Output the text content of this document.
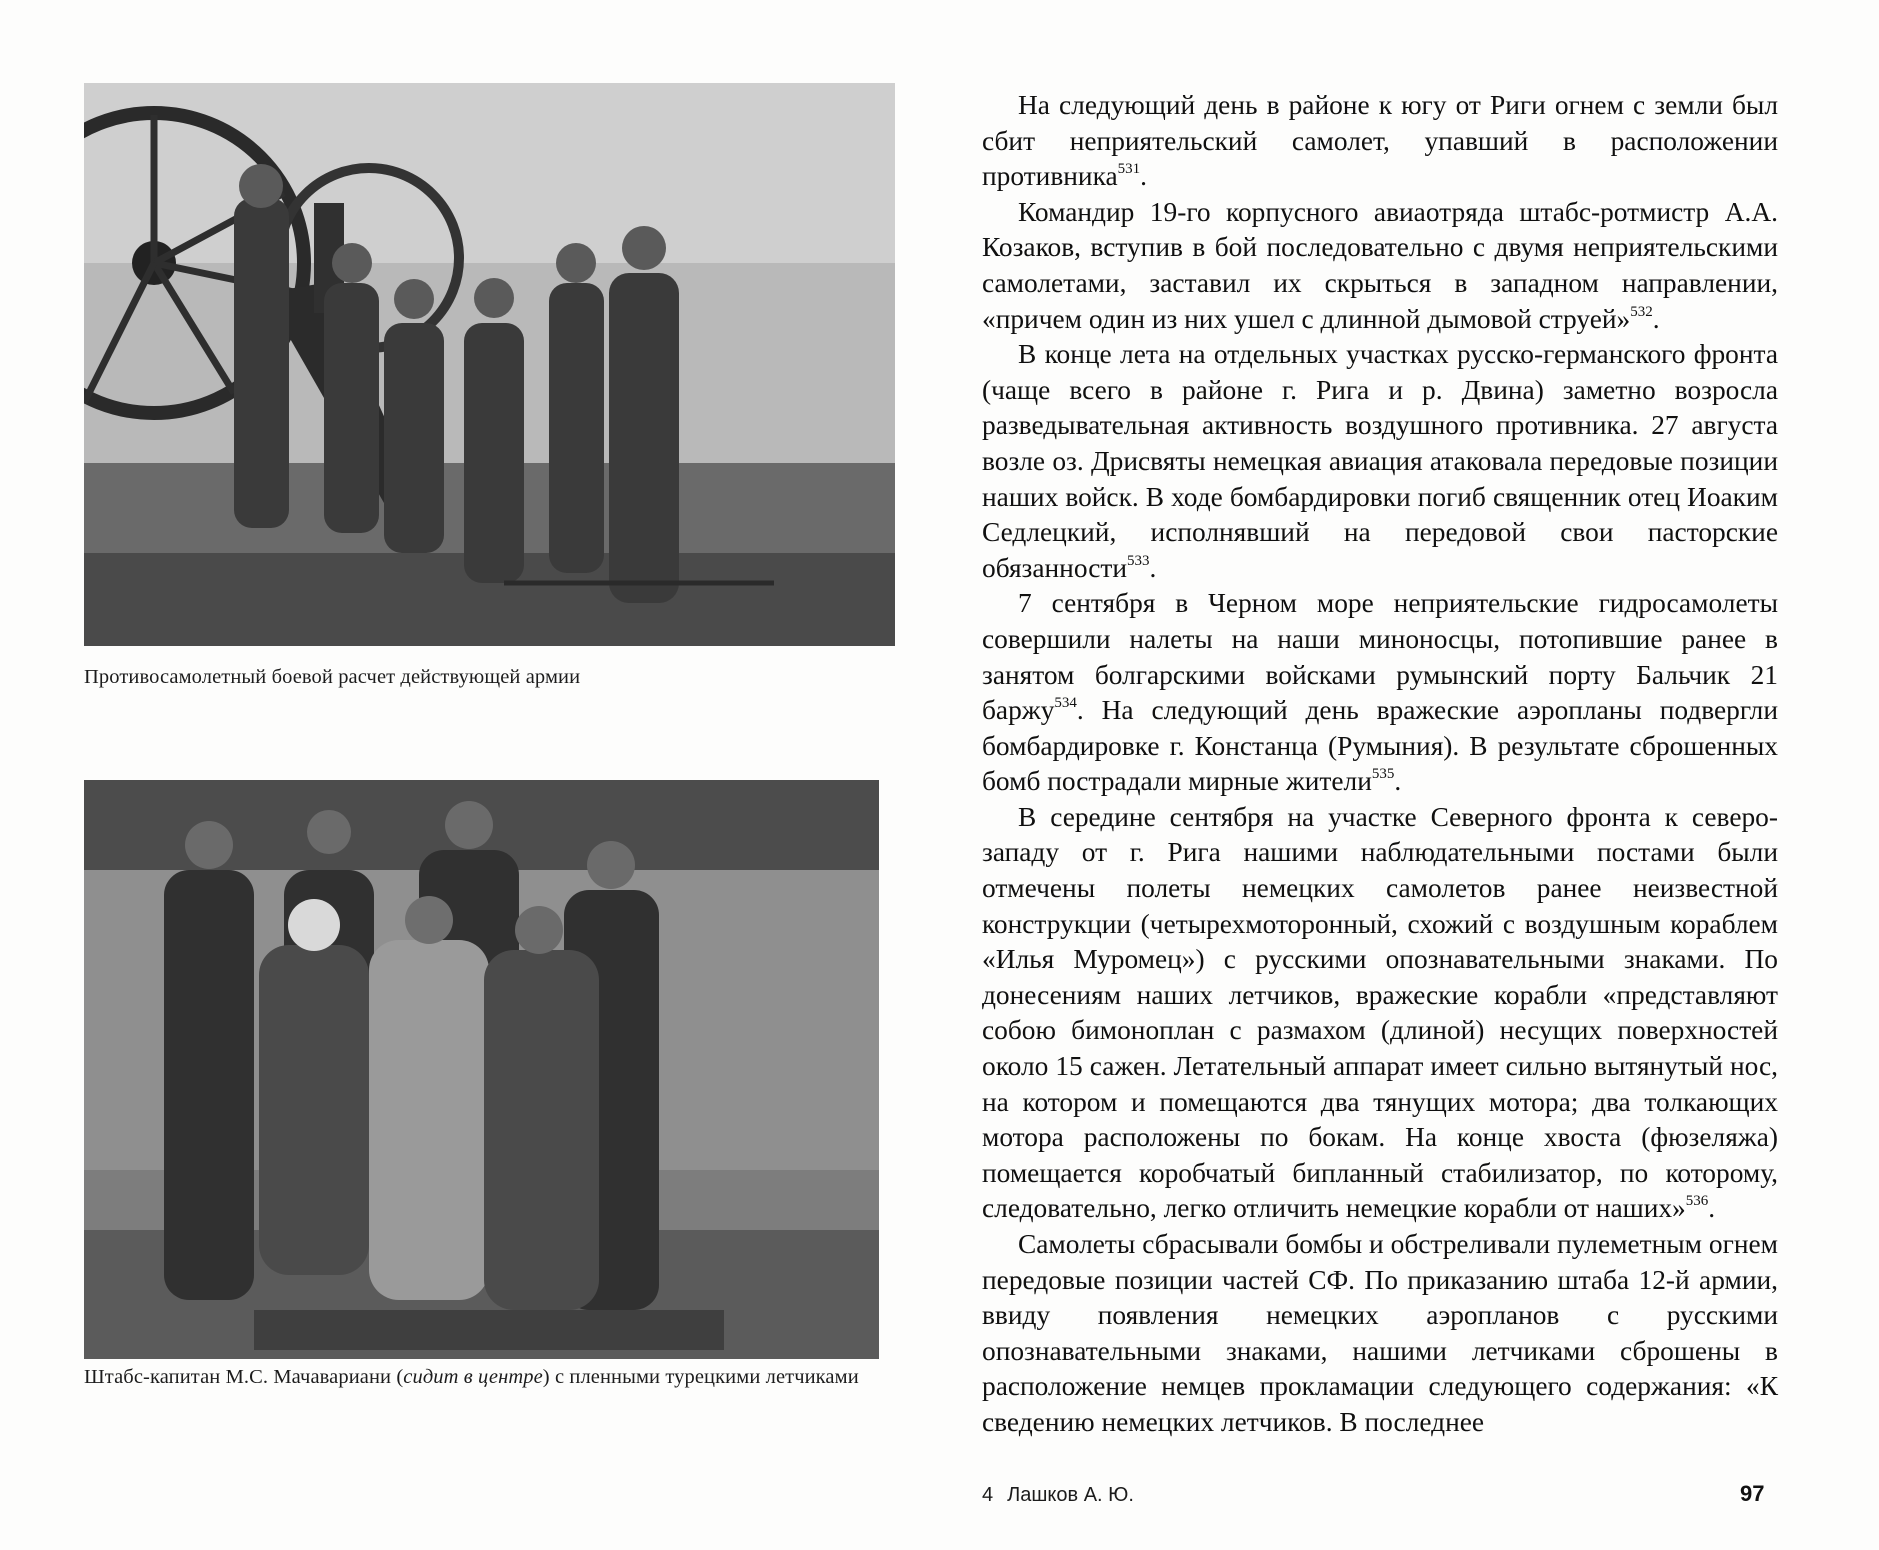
Противосамолетный боевой расчет действующей армии
Штабс-капитан М.С. Мачавариани (сидит в центре) с пленными турецкими летчиками

На следующий день в районе к югу от Риги огнем с земли был сбит неприятельский самолет, упавший в расположении противника$^{531}$.

Командир 19-го корпусного авиаотряда штабс-ротмистр А.А. Козаков, вступив в бой последовательно с двумя неприятельскими самолетами, заставил их скрыться в западном направлении, «причем один из них ушел с длинной дымовой струей»$^{532}$.

В конце лета на отдельных участках русско-германского фронта (чаще всего в районе г. Рига и р. Двина) заметно возросла разведывательная активность воздушного противника. 27 августа возле оз. Дрисвяты немецкая авиация атаковала передовые позиции наших войск. В ходе бомбардировки погиб священник отец Иоаким Седлецкий, исполнявший на передовой свои пасторские обязанности$^{533}$.

7 сентября в Черном море неприятельские гидросамолеты совершили налеты на наши миноносцы, потопившие ранее в занятом болгарскими войсками румынский порту Бальчик 21 баржу$^{534}$. На следующий день вражеские аэропланы подвергли бомбардировке г. Констанца (Румыния). В результате сброшенных бомб пострадали мирные жители$^{535}$.

В середине сентября на участке Северного фронта к северо-западу от г. Рига нашими наблюдательными постами были отмечены полеты немецких самолетов ранее неизвестной конструкции (четырехмоторонный, схожий с воздушным кораблем «Илья Муромец») с русскими опознавательными знаками. По донесениям наших летчиков, вражеские корабли «представляют собою бимоноплан с размахом (длиной) несущих поверхностей около 15 сажен. Летательный аппарат имеет сильно вытянутый нос, на котором и помещаются два тянущих мотора; два толкающих мотора расположены по бокам. На конце хвоста (фюзеляжа) помещается коробчатый бипланный стабилизатор, по которому, следовательно, легко отличить немецкие корабли от наших»$^{536}$.

Самолеты сбрасывали бомбы и обстреливали пулеметным огнем передовые позиции частей СФ. По приказанию штаба 12-й армии, ввиду появления немецких аэропланов с русскими опознавательными знаками, нашими летчиками сброшены в расположение немцев прокламации следующего содержания: «К сведению немецких летчиков. В последнее

4 Лашков А. Ю.	97
